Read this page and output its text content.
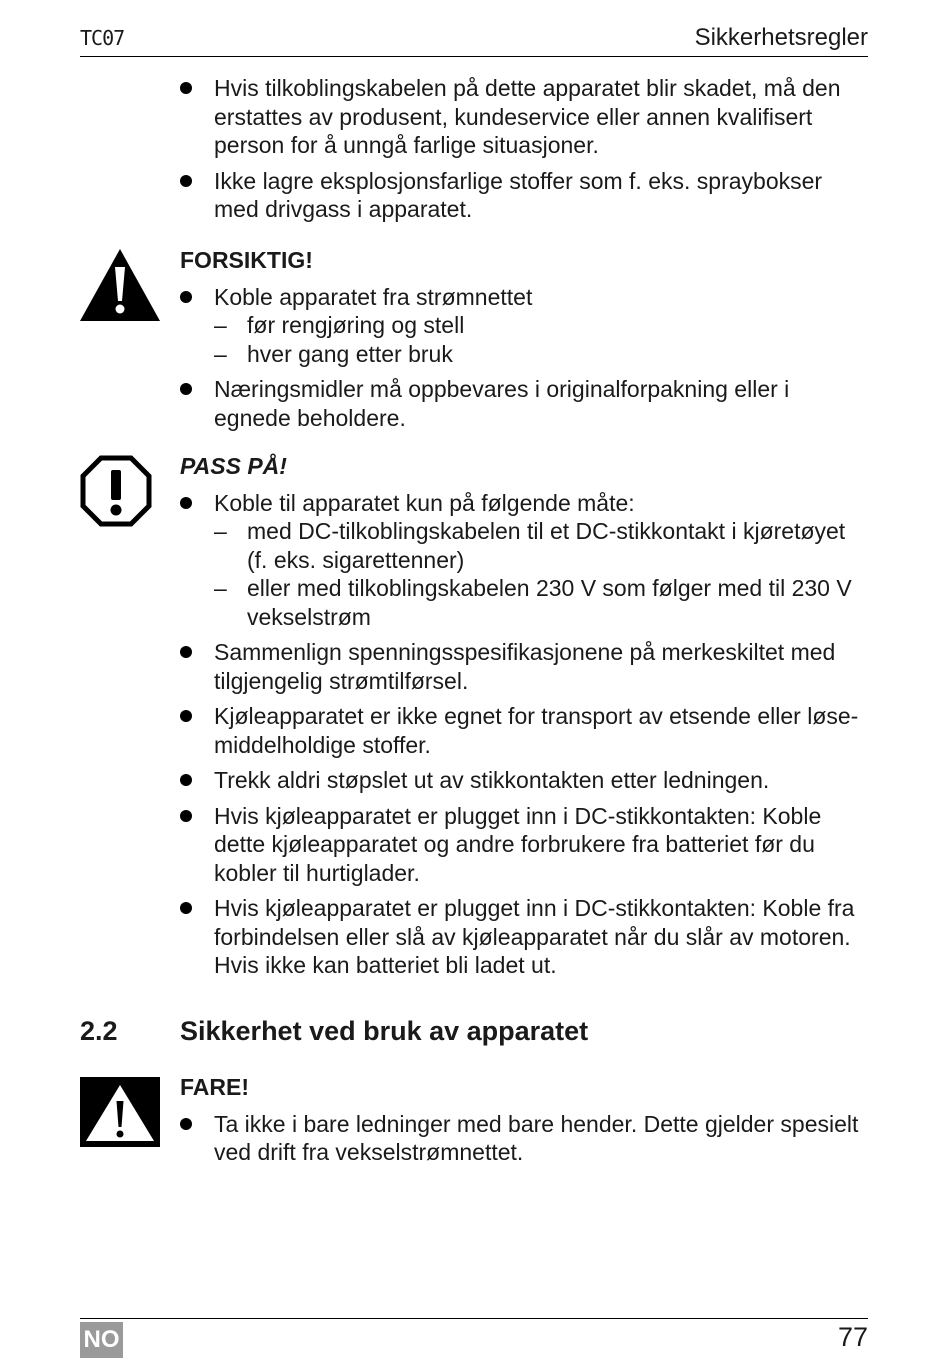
TC07	Sikkerhetsregler
Hvis tilkoblingskabelen på dette apparatet blir skadet, må den erstattes av produsent, kundeservice eller annen kvalifisert person for å unngå farlige situasjoner.
Ikke lagre eksplosjonsfarlige stoffer som f. eks. spraybokser med drivgass i apparatet.
FORSIKTIG!
Koble apparatet fra strømnettet
– før rengjøring og stell
– hver gang etter bruk
Næringsmidler må oppbevares i originalforpakning eller i egnede beholdere.
PASS PÅ!
Koble til apparatet kun på følgende måte:
– med DC-tilkoblingskabelen til et DC-stikkontakt i kjøretøyet (f. eks. sigarettenner)
– eller med tilkoblingskabelen 230 V som følger med til 230 V vekselstrøm
Sammenlign spenningsspesifikasjonene på merkeskiltet med tilgjengelig strømtilførsel.
Kjøleapparatet er ikke egnet for transport av etsende eller løse-middelholdige stoffer.
Trekk aldri støpslet ut av stikkontakten etter ledningen.
Hvis kjøleapparatet er plugget inn i DC-stikkontakten: Koble dette kjøleapparatet og andre forbrukere fra batteriet før du kobler til hurtiglader.
Hvis kjøleapparatet er plugget inn i DC-stikkontakten: Koble fra forbindelsen eller slå av kjøleapparatet når du slår av motoren. Hvis ikke kan batteriet bli ladet ut.
2.2 Sikkerhet ved bruk av apparatet
FARE!
Ta ikke i bare ledninger med bare hender. Dette gjelder spesielt ved drift fra vekselstrømnettet.
NO	77
